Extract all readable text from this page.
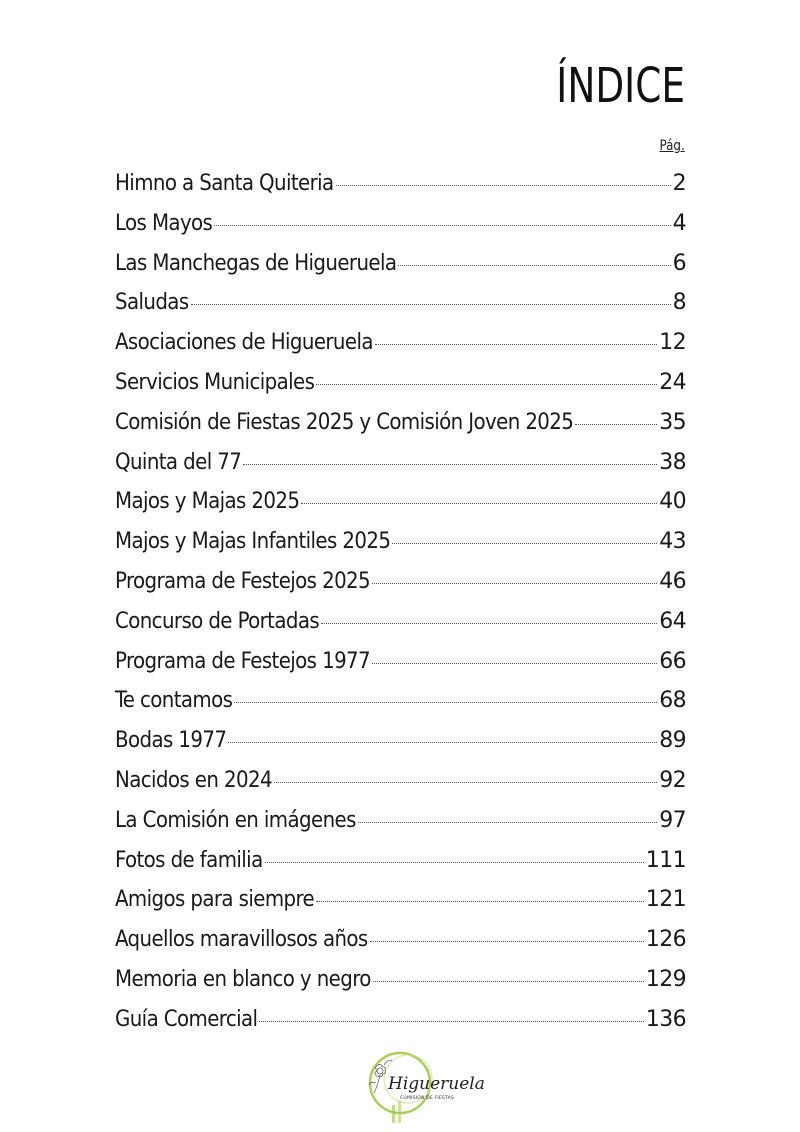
ÍNDICE
Pág.
Himno a Santa Quiteria	2
Los Mayos	4
Las Manchegas de Higueruela	6
Saludas	8
Asociaciones de Higueruela	12
Servicios Municipales	24
Comisión de Fiestas 2025 y Comisión Joven 2025	35
Quinta del 77	38
Majos y Majas 2025	40
Majos y Majas Infantiles 2025	43
Programa de Festejos 2025	46
Concurso de Portadas	64
Programa de Festejos 1977	66
Te contamos	68
Bodas 1977	89
Nacidos en 2024	92
La Comisión en imágenes	97
Fotos de familia	111
Amigos para siempre	121
Aquellos maravillosos años	126
Memoria en blanco y negro	129
Guía Comercial	136
Higueruela
COMISIÓN DE FIESTAS
